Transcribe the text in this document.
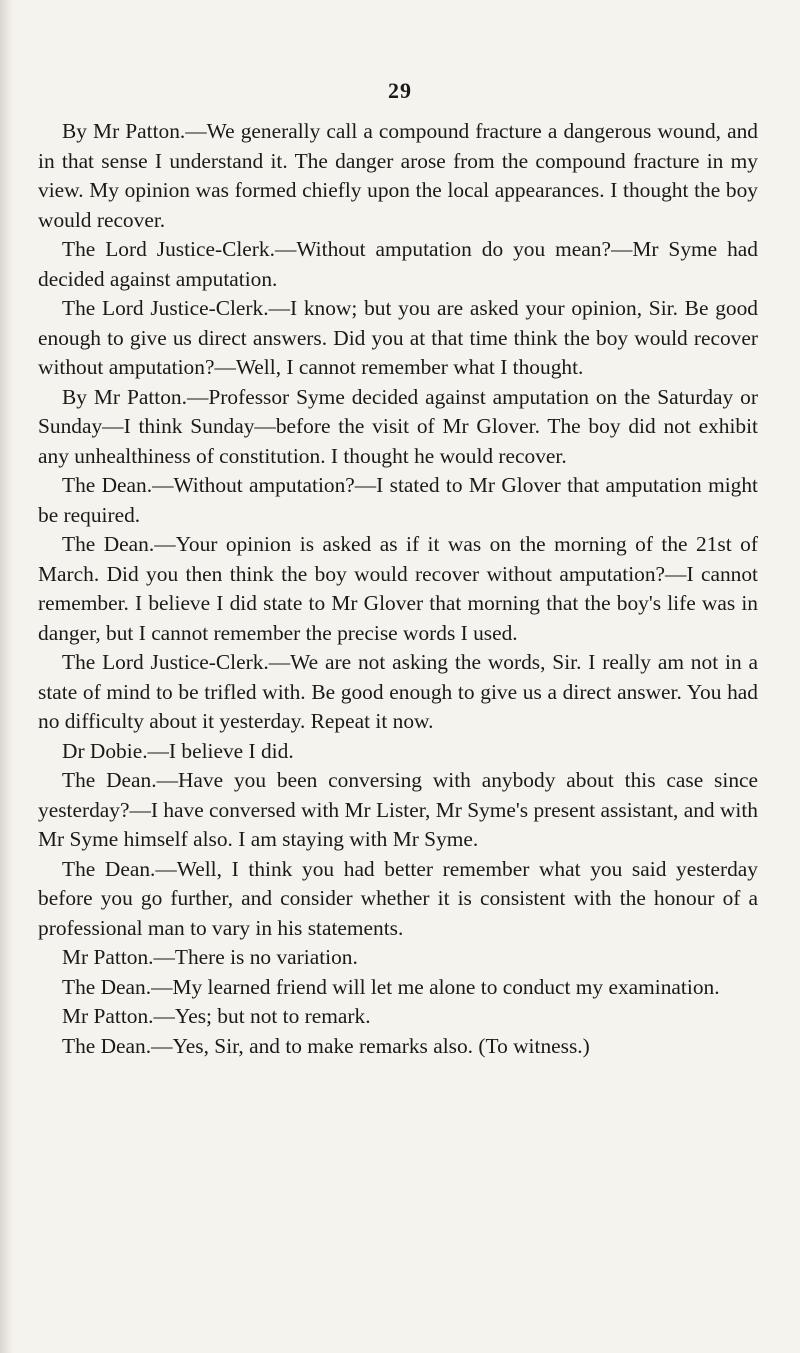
29

By Mr Patton.—We generally call a compound fracture a dangerous wound, and in that sense I understand it. The danger arose from the compound fracture in my view. My opinion was formed chiefly upon the local appearances. I thought the boy would recover.

The Lord Justice-Clerk.—Without amputation do you mean?—Mr Syme had decided against amputation.

The Lord Justice-Clerk.—I know; but you are asked your opinion, Sir. Be good enough to give us direct answers. Did you at that time think the boy would recover without amputation?—Well, I cannot remember what I thought.

By Mr Patton.—Professor Syme decided against amputation on the Saturday or Sunday—I think Sunday—before the visit of Mr Glover. The boy did not exhibit any unhealthiness of constitution. I thought he would recover.

The Dean.—Without amputation?—I stated to Mr Glover that amputation might be required.

The Dean.—Your opinion is asked as if it was on the morning of the 21st of March. Did you then think the boy would recover without amputation?—I cannot remember. I believe I did state to Mr Glover that morning that the boy's life was in danger, but I cannot remember the precise words I used.

The Lord Justice-Clerk.—We are not asking the words, Sir. I really am not in a state of mind to be trifled with. Be good enough to give us a direct answer. You had no difficulty about it yesterday. Repeat it now.

Dr Dobie.—I believe I did.

The Dean.—Have you been conversing with anybody about this case since yesterday?—I have conversed with Mr Lister, Mr Syme's present assistant, and with Mr Syme himself also. I am staying with Mr Syme.

The Dean.—Well, I think you had better remember what you said yesterday before you go further, and consider whether it is consistent with the honour of a professional man to vary in his statements.

Mr Patton.—There is no variation.

The Dean.—My learned friend will let me alone to conduct my examination.

Mr Patton.—Yes; but not to remark.

The Dean.—Yes, Sir, and to make remarks also. (To witness.)
